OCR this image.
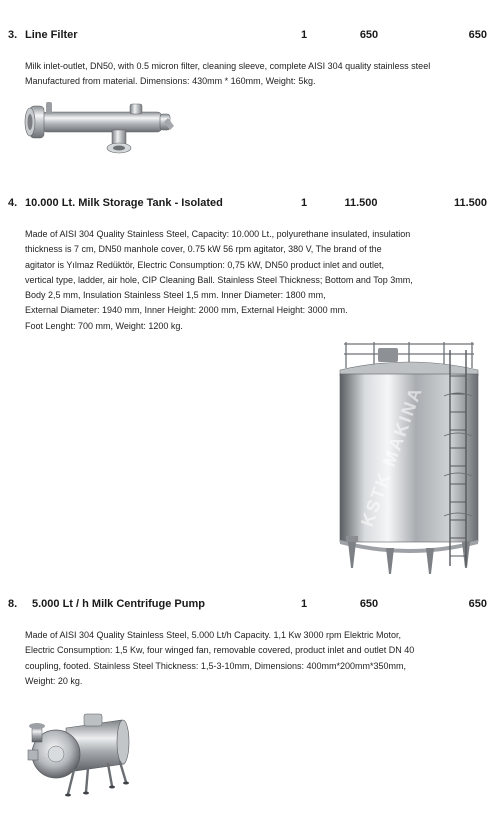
3. Line Filter	1	650	650
Milk inlet-outlet, DN50, with 0.5 micron filter, cleaning sleeve, complete AISI 304 quality stainless steel
Manufactured from material. Dimensions: 430mm * 160mm, Weight: 5kg.
4. 10.000 Lt. Milk Storage Tank - Isolated	1	11.500	11.500
Made of AISI 304 Quality Stainless Steel, Capacity: 10.000 Lt., polyurethane insulated, insulation
thickness is 7 cm, DN50 manhole cover, 0.75 kW 56 rpm agitator, 380 V, The brand of the
agitator is Yılmaz Redüktör, Electric Consumption: 0,75 kW, DN50 product inlet and outlet,
vertical type, ladder, air hole, CIP Cleaning Ball. Stainless Steel Thickness; Bottom and Top 3mm,
Body 2,5 mm, Insulation Stainless Steel 1,5 mm. Inner Diameter: 1800 mm,
External Diameter: 1940 mm, Inner Height: 2000 mm, External Height: 3000 mm.
Foot Lenght: 700 mm, Weight: 1200 kg.
KSTK MAKINA
8.	5.000 Lt / h Milk Centrifuge Pump	1	650	650
Made of AISI 304 Quality Stainless Steel, 5.000 Lt/h Capacity. 1,1 Kw 3000 rpm Elektric Motor,
Electric Consumption: 1,5 Kw, four winged fan, removable covered, product inlet and outlet DN 40
coupling, footed. Stainless Steel Thickness: 1,5-3-10mm, Dimensions: 400mm*200mm*350mm,
Weight: 20 kg.
